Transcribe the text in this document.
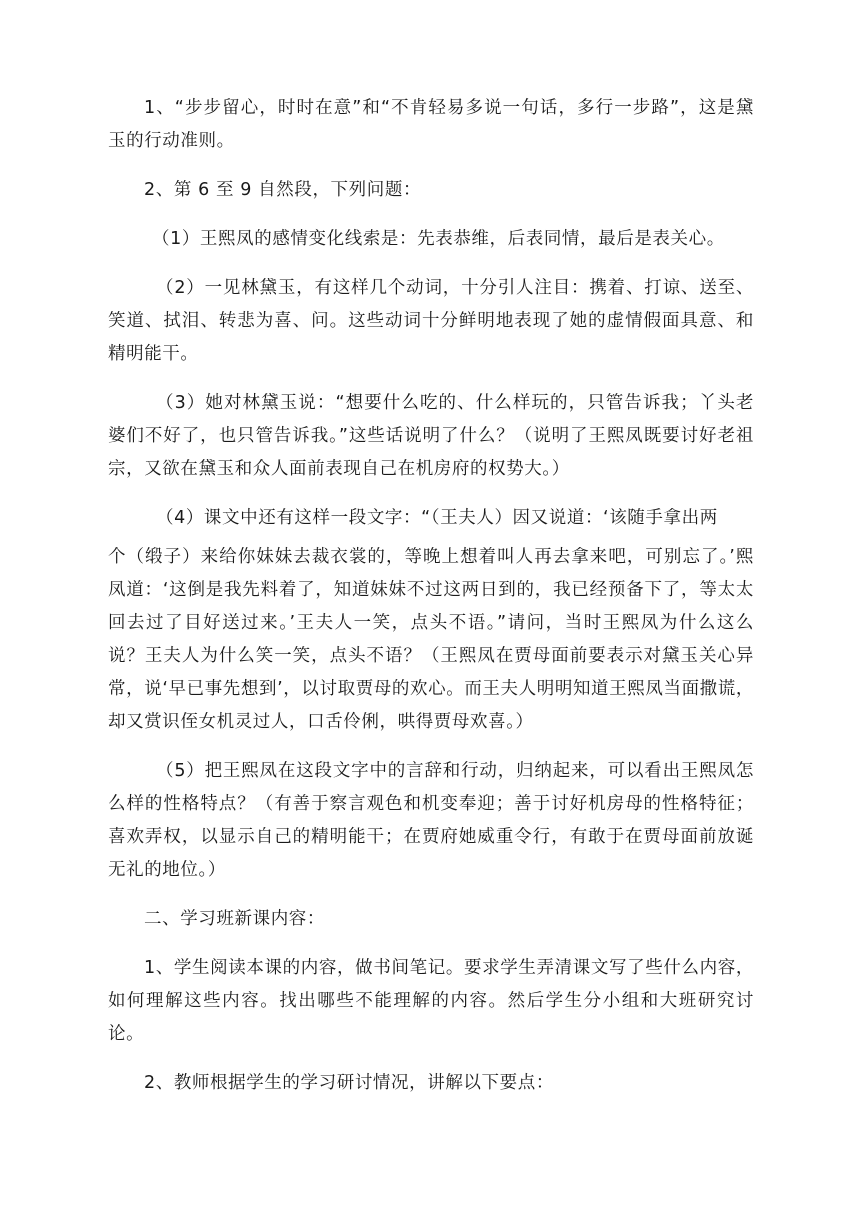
1、“步步留心，时时在意”和“不肯轻易多说一句话，多行一步路”，这是黛玉的行动准则。

2、第 6 至 9 自然段，下列问题：

（1）王熙凤的感情变化线索是：先表恭维，后表同情，最后是表关心。

（2）一见林黛玉，有这样几个动词，十分引人注目：携着、打谅、送至、笑道、拭泪、转悲为喜、问。这些动词十分鲜明地表现了她的虚情假面具意、和精明能干。

（3）她对林黛玉说：“想要什么吃的、什么样玩的，只管告诉我；丫头老婆们不好了，也只管告诉我。”这些话说明了什么？（说明了王熙凤既要讨好老祖宗，又欲在黛玉和众人面前表现自己在机房府的权势大。）

（4）课文中还有这样一段文字：“（王夫人）因又说道：‘该随手拿出两

个（缎子）来给你妹妹去裁衣裳的，等晚上想着叫人再去拿来吧，可别忘了。’熙凤道：‘这倒是我先料着了，知道妹妹不过这两日到的，我已经预备下了，等太太回去过了目好送过来。’王夫人一笑，点头不语。”请问，当时王熙凤为什么这么说？王夫人为什么笑一笑，点头不语？（王熙凤在贾母面前要表示对黛玉关心异常，说‘早已事先想到’，以讨取贾母的欢心。而王夫人明明知道王熙凤当面撒谎，却又赏识侄女机灵过人，口舌伶俐，哄得贾母欢喜。）

（5）把王熙凤在这段文字中的言辞和行动，归纳起来，可以看出王熙凤怎么样的性格特点？（有善于察言观色和机变奉迎；善于讨好机房母的性格特征；喜欢弄权，以显示自己的精明能干；在贾府她威重令行，有敢于在贾母面前放诞无礼的地位。）

二、学习班新课内容：

1、学生阅读本课的内容，做书间笔记。要求学生弄清课文写了些什么内容，如何理解这些内容。找出哪些不能理解的内容。然后学生分小组和大班研究讨论。

2、教师根据学生的学习研讨情况，讲解以下要点：
